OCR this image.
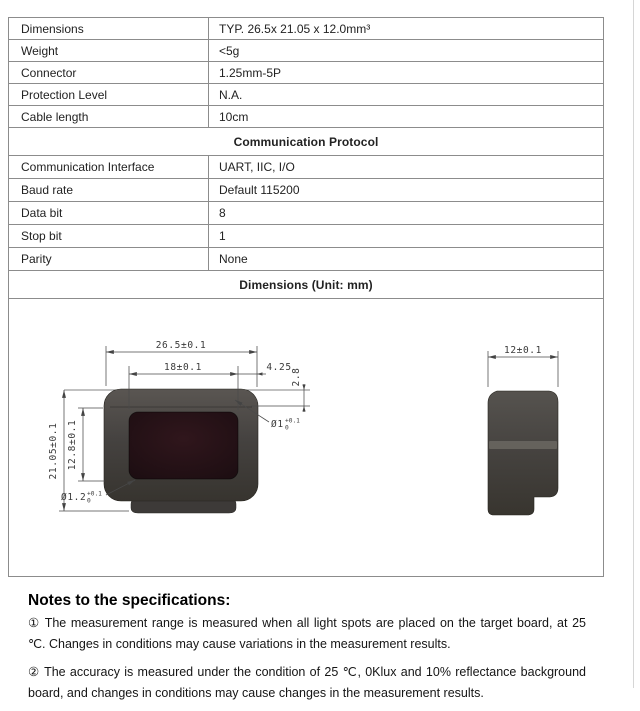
Dimensions	TYP. 26.5x 21.05 x 12.0mm³
Weight	<5g
Connector	1.25mm-5P
Protection Level	N.A.
Cable length	10cm
Communication Protocol
Communication Interface	UART, IIC, I/O
Baud rate	Default 115200
Data bit	8
Stop bit	1
Parity	None
Dimensions (Unit: mm)
26.5±0.1
18±0.1	4.25
2.8
21.05±0.1 12.8±0.1
Ø1.2 +0.1
0
Ø1 +0.1
0
12±0.1
Notes to the specifications:

① The measurement range is measured when all light spots are placed on the target board, at 25 ℃. Changes in conditions may cause variations in the measurement results.

② The accuracy is measured under the condition of 25 ℃, 0Klux and 10% reflectance background board, and changes in conditions may cause changes in the measurement results.
